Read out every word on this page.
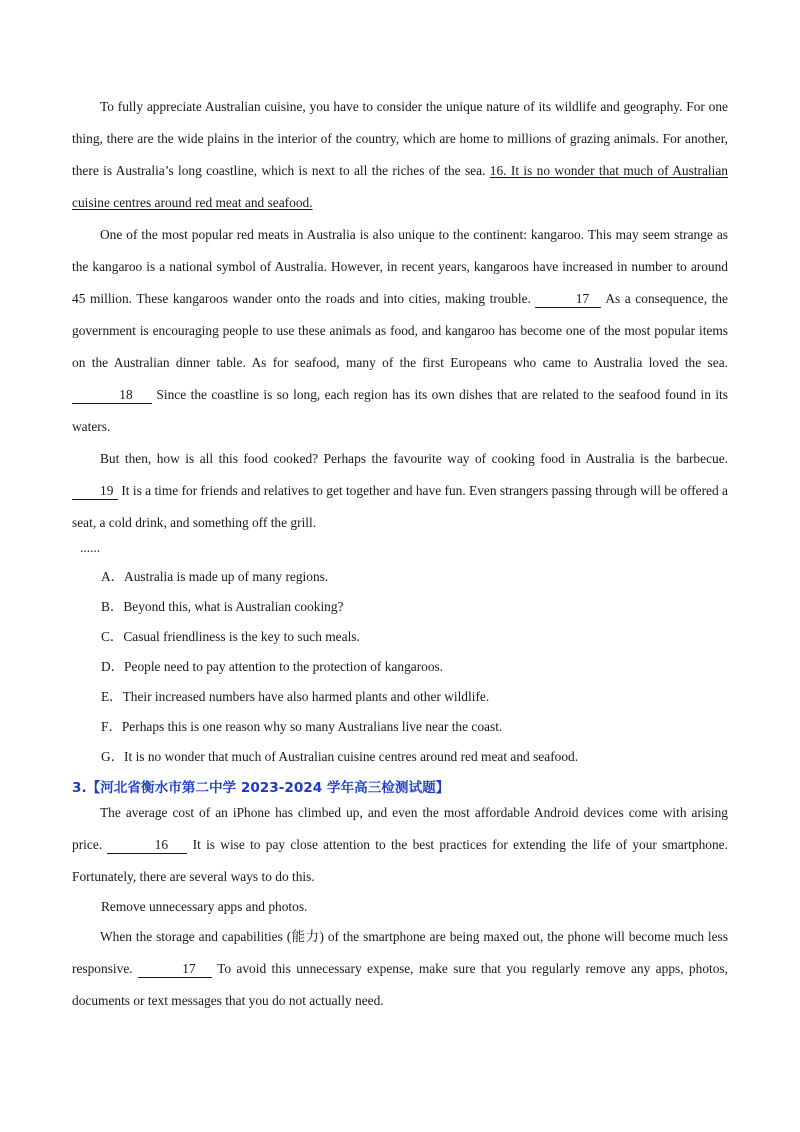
To fully appreciate Australian cuisine, you have to consider the unique nature of its wildlife and geography. For one thing, there are the wide plains in the interior of the country, which are home to millions of grazing animals. For another, there is Australia’s long coastline, which is next to all the riches of the sea. 16. It is no wonder that much of Australian cuisine centres around red meat and seafood.

One of the most popular red meats in Australia is also unique to the continent: kangaroo. This may seem strange as the kangaroo is a national symbol of Australia. However, in recent years, kangaroos have increased in number to around 45 million. These kangaroos wander onto the roads and into cities, making trouble.	17 As a consequence, the government is encouraging people to use these animals as food, and kangaroo has become one of the most popular items on the Australian dinner table. As for seafood, many of the first Europeans who came to Australia loved the sea. 18 Since the coastline is so long, each region has its own dishes that are related to the seafood found in its waters.

But then, how is all this food cooked? Perhaps the favourite way of cooking food in Australia is the barbecue. 19 It is a time for friends and relatives to get together and have fun. Even strangers passing through will be offered a seat, a cold drink, and something off the grill.

......

A．Australia is made up of many regions.

B．Beyond this, what is Australian cooking?

C．Casual friendliness is the key to such meals.

D．People need to pay attention to the protection of kangaroos.

E．Their increased numbers have also harmed plants and other wildlife.

F．Perhaps this is one reason why so many Australians live near the coast.

G．It is no wonder that much of Australian cuisine centres around red meat and seafood.

3.【河北省衡水市第二中学 2023-2024 学年高三检测试题】

The average cost of an iPhone has climbed up, and even the most affordable Android devices come with arising price.	16 It is wise to pay close attention to the best practices for extending the life of your smartphone. Fortunately, there are several ways to do this.

Remove unnecessary apps and photos.

When the storage and capabilities (能力) of the smartphone are being maxed out, the phone will become much less responsive.	17 To avoid this unnecessary expense, make sure that you regularly remove any apps, photos, documents or text messages that you do not actually need.
